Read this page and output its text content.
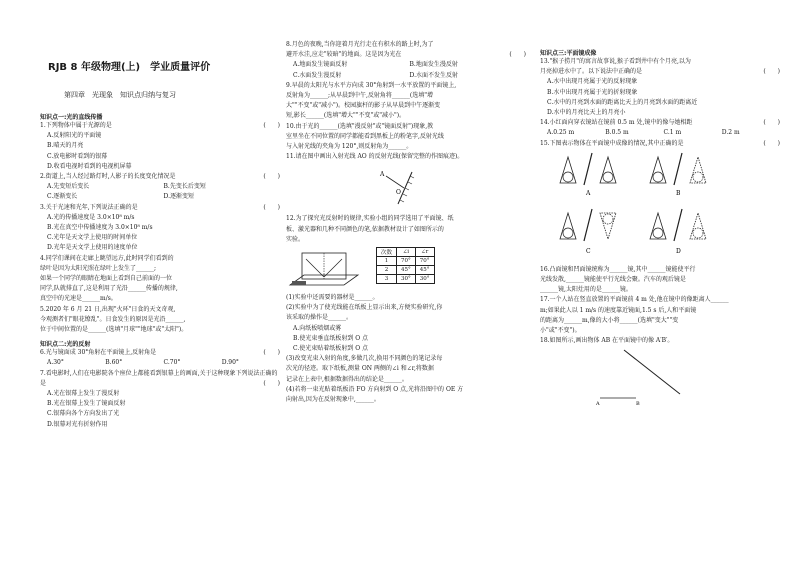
RJB 8 年级物理(上)　学业质量评价
第四章　光现象　知识点归纳与复习
知识点一:光的直线传播

1.下列物体中属于光源的是	(　　)

A.反射阳光的平面镜

B.晴天的月亮

C.放电影时看到的银幕

D.收看电视时看到的电视机屏幕

2.街道上,当人经过路灯时,人影子的长度变化情况是	(　　)

A.先变短后变长	B.先变长后变短
C.逐渐变长	D.逐渐变短

3.关于光速和光年,下列说法正确的是	(　　)

A.光的传播速度是 3.0×10⁸ m/s

B.光在真空中传播速度为 3.0×10⁸ m/s

C.光年是天文学上使用的时间单位

D.光年是天文学上使用的速度单位

4.同学们课间在走廊上眺望远方,此时同学们看到的

绿叶是因为太阳光照在绿叶上发生了______;

如果一个同学的眼睛在地面上看到自己前面的一位

同学,队就排直了,这是利用了光沿______传播的规律,

真空中的光速是______m/s。

5.2020 年 6 月 21 日,出现"火环"日食的天文奇观,

今观测者们"眼花缭乱"。日食发生的原因是光沿______,

位于中间位置的是______(选填"月球""地球"或"太阳")。

知识点二:光的反射

6.光与镜面成 30°角射在平面镜上,反射角是	(　　)

A.30°	B.60°	C.70°	D.90°

7.看电影时,人们在电影院各个座位上都能看到银幕上的画面,关于这种现象下列说法正确的是	(　　)

A.光在银幕上发生了漫反射

B.光在银幕上发生了镜面反射

C.银幕向各个方向发出了光

D.银幕对光有折射作用

8.月色的夜晚,当你迎着月光行走在有积水的路上时,为了

避开水洼,应走"较暗"的地面。这是因为光在	(　　)

A.地面发生镜面反射	B.地面发生漫反射
C.水面发生漫反射	D.水面不发生反射

9.早晨的太阳光与水平方向成 30°角射到一水平放置的平面镜上,

反射角为______;从早晨到中午,反射角将______(选填"增

大""不变"或"减小")。校园旗杆的影子从早晨到中午逐渐变

短,影长______(选填"增大""不变"或"减小")。

10.由于光的______(选填"漫反射"或"镜面反射")现象,教

室里坐在不同位置的同学都能看到黑板上的粉笔字,反射光线

与入射光线的夹角为 120°,则反射角为______。

11.请在图中画出入射光线 AO 的反射光线(保留完整的作图痕迹)。

A
O

12.为了探究光反射时的规律,实验小组的同学选用了平面镜、纸

板、激光器和几种不同颜色的笔,依据教材设计了如图所示的

实验。

次数	∠i	∠r
1	70°	70°
2	45°	45°
3	30°	30°

(1)实验中还需要的器材是______。

(2)实验中为了使光线能在纸板上显示出来,方便实验研究,你

该采取的操作是______。

A.向纸板喷烟或雾

B.使光束垂直纸板射到 O 点

C.使光束贴着纸板射到 O 点

(3)改变光束入射的角度,多做几次,换用不同颜色的笔记录每

次光的径迹。取下纸板,测量 ON 两侧的∠i 和∠r,将数据

记录在上表中,根据数据得出的结论是______。

(4)若将一束光贴着纸板沿 FO 方向射到 O 点,光将沿图中的 OE 方

向射出,因为在反射现象中,______。

知识点三:平面镜成像

13."猴子捞月"的寓言故事说,猴子看到井中有个月亮,以为

月亮掉进水中了。以下说法中正确的是	(　　)

A.水中出现月亮属于光的反射现象

B.水中出现月亮属于光的折射现象

C.水中的月亮到水面的距离比天上的月亮到水面的距离近

D.水中的月亮比天上的月亮小

14.小红面向穿衣镜站在镜前 0.5 m 处,镜中的像与她相距	(　　)

A.0.25 m	B.0.5 m	C.1 m	D.2 m

15.下图表示物体在平面镜中成像的情况,其中正确的是	(　　)

A	B
C	D

16.凸面镜和凹面镜统称为______镜,其中______镜能使平行

光线发散,______镜能使平行光线会聚。汽车的观后镜是

______镜,太阳灶用的是______镜。

17.一个人站在竖直放置的平面镜前 4 m 处,他在镜中的像距离人______

m;如果此人以 1 m/s 的速度靠近镜面,1.5 s 后,人和平面镜

的距离为______m,像的大小将______(选填"变大""变

小"或"不变")。

18.如图所示,画出物体 AB 在平面镜中的像 A′B′。

A	B
